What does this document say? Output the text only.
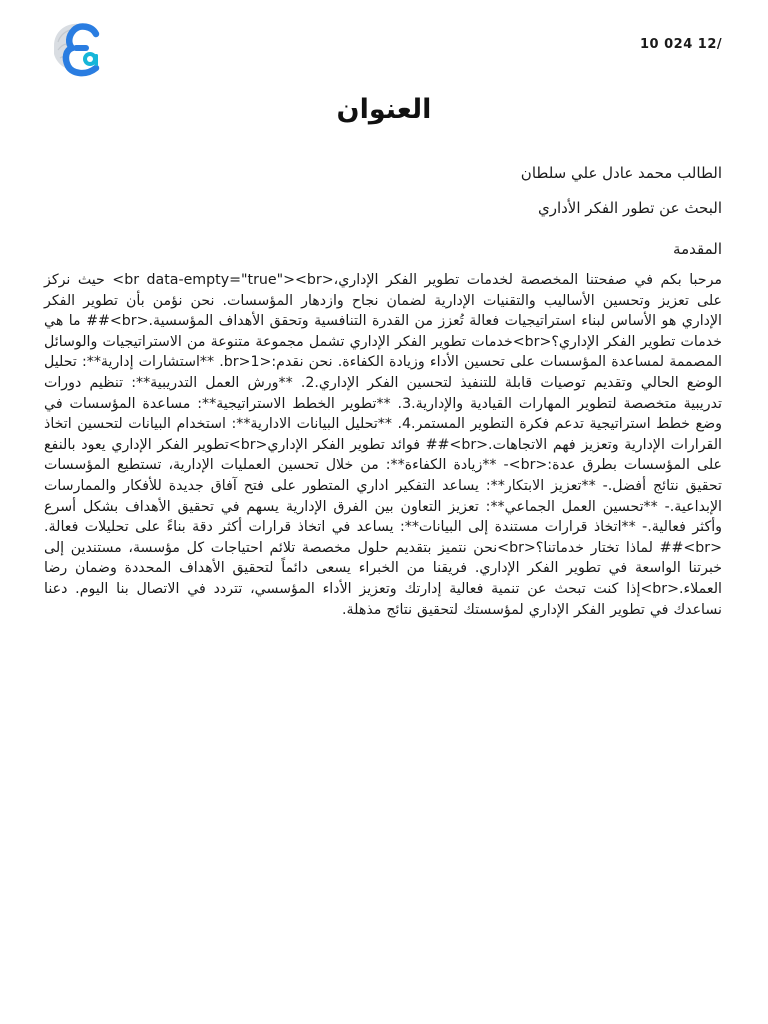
10 024 12/
العنوان
الطالب محمد عادل علي سلطان
البحث عن تطور الفكر الأداري
المقدمة
مرحبا بكم في صفحتنا المخصصة لخدمات تطوير الفكر الإداري،<br data-empty="true"><br> حيث نركز على تعزيز وتحسين الأساليب والتقنيات الإدارية لضمان نجاح وازدهار المؤسسات. نحن نؤمن بأن تطوير الفكر الإداري هو الأساس لبناء استراتيجيات فعالة تُعزز من القدرة التنافسية وتحقق الأهداف المؤسسية.<br>## ما هي خدمات تطوير الفكر الإداري؟<br>خدمات تطوير الفكر الإداري تشمل مجموعة متنوعة من الاستراتيجيات والوسائل المصممة لمساعدة المؤسسات على تحسين الأداء وزيادة الكفاءة. نحن نقدم:<br>1. **استشارات إدارية**: تحليل الوضع الحالي وتقديم توصيات قابلة للتنفيذ لتحسين الفكر الإداري.2. **ورش العمل التدريبية**: تنظيم دورات تدريبية متخصصة لتطوير المهارات القيادية والإدارية.3. **تطوير الخطط الاستراتيجية**: مساعدة المؤسسات في وضع خطط استراتيجية تدعم فكرة التطوير المستمر.4. **تحليل البيانات الادارية**: استخدام البيانات لتحسين اتخاذ القرارات الإدارية وتعزيز فهم الاتجاهات.<br>## فوائد تطوير الفكر الإداري<br>تطوير الفكر الإداري يعود بالنفع على المؤسسات بطرق عدة:<br>- **زيادة الكفاءة**: من خلال تحسين العمليات الإدارية، تستطيع المؤسسات تحقيق نتائج أفضل.- **تعزيز الابتكار**: يساعد التفكير اداري المتطور على فتح آفاق جديدة للأفكار والممارسات الإبداعية.- **تحسين العمل الجماعي**: تعزيز التعاون بين الفرق الإدارية يسهم في تحقيق الأهداف بشكل أسرع وأكثر فعالية.- **اتخاذ قرارات مستندة إلى البيانات**: يساعد في اتخاذ قرارات أكثر دقة بناءً على تحليلات فعالة.<br>## لماذا تختار خدماتنا؟<br>نحن نتميز بتقديم حلول مخصصة تلائم احتياجات كل مؤسسة، مستندين إلى خبرتنا الواسعة في تطوير الفكر الإداري. فريقنا من الخبراء يسعى دائماً لتحقيق الأهداف المحددة وضمان رضا العملاء.<br>إذا كنت تبحث عن تنمية فعالية إدارتك وتعزيز الأداء المؤسسي، تتردد في الاتصال بنا اليوم. دعنا نساعدك في تطوير الفكر الإداري لمؤسستك لتحقيق نتائج مذهلة.
